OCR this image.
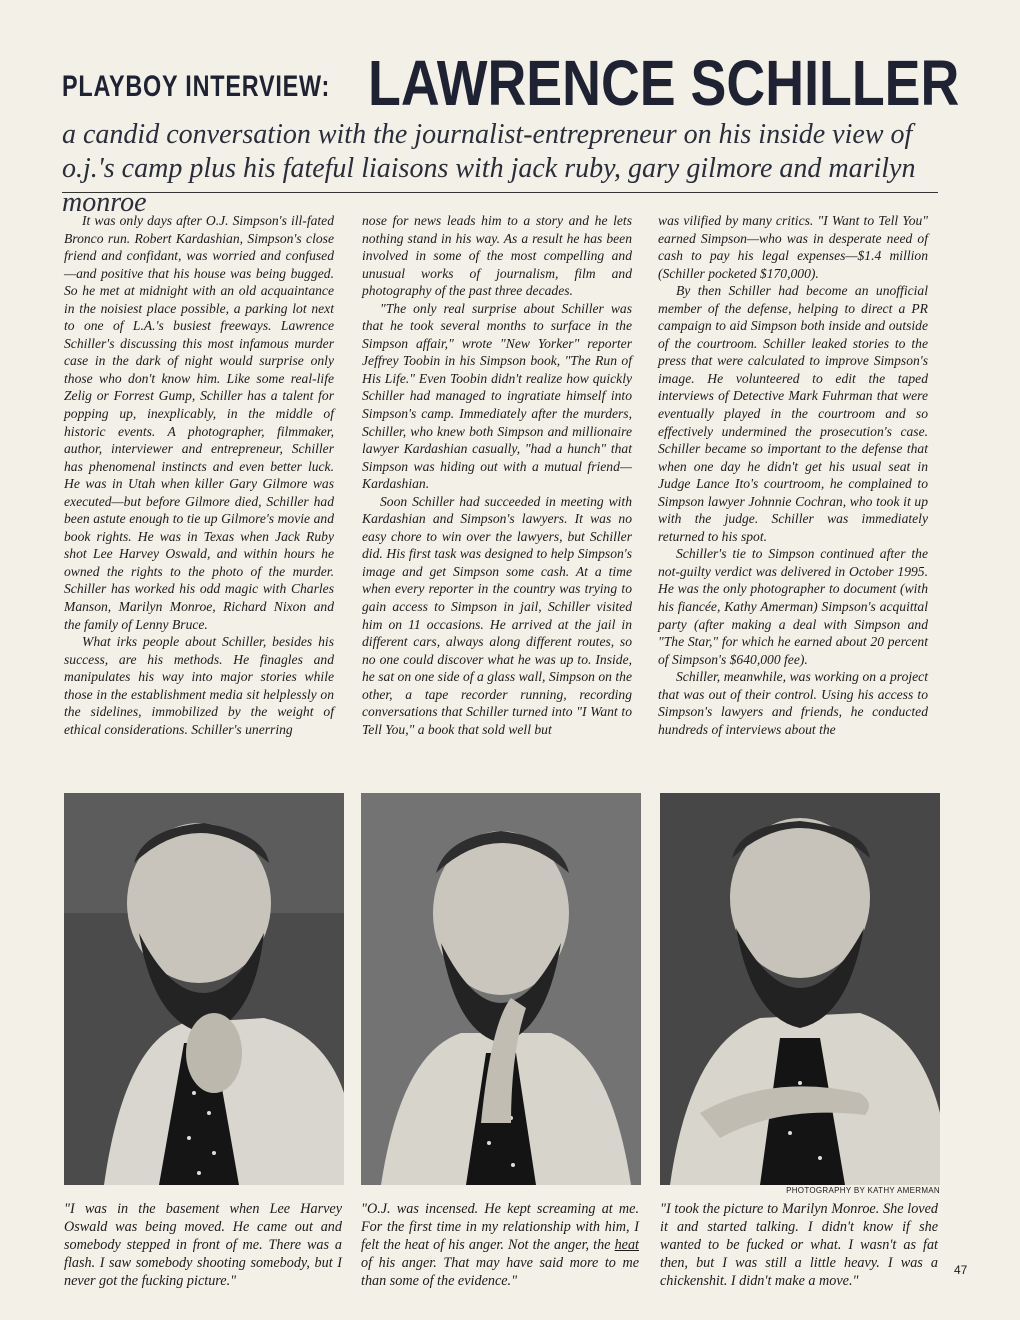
PLAYBOY INTERVIEW: LAWRENCE SCHILLER
a candid conversation with the journalist-entrepreneur on his inside view of o.j.'s camp plus his fateful liaisons with jack ruby, gary gilmore and marilyn monroe

It was only days after O.J. Simpson's ill-fated Bronco run. Robert Kardashian, Simpson's close friend and confidant, was worried and confused—and positive that his house was being bugged. So he met at midnight with an old acquaintance in the noisiest place possible, a parking lot next to one of L.A.'s busiest freeways. Lawrence Schiller's discussing this most infamous murder case in the dark of night would surprise only those who don't know him. Like some real-life Zelig or Forrest Gump, Schiller has a talent for popping up, inexplicably, in the middle of historic events. A photographer, filmmaker, author, interviewer and entrepreneur, Schiller has phenomenal instincts and even better luck. He was in Utah when killer Gary Gilmore was executed—but before Gilmore died, Schiller had been astute enough to tie up Gilmore's movie and book rights. He was in Texas when Jack Ruby shot Lee Harvey Oswald, and within hours he owned the rights to the photo of the murder. Schiller has worked his odd magic with Charles Manson, Marilyn Monroe, Richard Nixon and the family of Lenny Bruce.

What irks people about Schiller, besides his success, are his methods. He finagles and manipulates his way into major stories while those in the establishment media sit helplessly on the sidelines, immobilized by the weight of ethical considerations. Schiller's unerring

nose for news leads him to a story and he lets nothing stand in his way. As a result he has been involved in some of the most compelling and unusual works of journalism, film and photography of the past three decades.

"The only real surprise about Schiller was that he took several months to surface in the Simpson affair," wrote "New Yorker" reporter Jeffrey Toobin in his Simpson book, "The Run of His Life." Even Toobin didn't realize how quickly Schiller had managed to ingratiate himself into Simpson's camp. Immediately after the murders, Schiller, who knew both Simpson and millionaire lawyer Kardashian casually, "had a hunch" that Simpson was hiding out with a mutual friend—Kardashian.

Soon Schiller had succeeded in meeting with Kardashian and Simpson's lawyers. It was no easy chore to win over the lawyers, but Schiller did. His first task was designed to help Simpson's image and get Simpson some cash. At a time when every reporter in the country was trying to gain access to Simpson in jail, Schiller visited him on 11 occasions. He arrived at the jail in different cars, always along different routes, so no one could discover what he was up to. Inside, he sat on one side of a glass wall, Simpson on the other, a tape recorder running, recording conversations that Schiller turned into "I Want to Tell You," a book that sold well but

was vilified by many critics. "I Want to Tell You" earned Simpson—who was in desperate need of cash to pay his legal expenses—$1.4 million (Schiller pocketed $170,000).

By then Schiller had become an unofficial member of the defense, helping to direct a PR campaign to aid Simpson both inside and outside of the courtroom. Schiller leaked stories to the press that were calculated to improve Simpson's image. He volunteered to edit the taped interviews of Detective Mark Fuhrman that were eventually played in the courtroom and so effectively undermined the prosecution's case. Schiller became so important to the defense that when one day he didn't get his usual seat in Judge Lance Ito's courtroom, he complained to Simpson lawyer Johnnie Cochran, who took it up with the judge. Schiller was immediately returned to his spot.

Schiller's tie to Simpson continued after the not-guilty verdict was delivered in October 1995. He was the only photographer to document (with his fiancée, Kathy Amerman) Simpson's acquittal party (after making a deal with Simpson and "The Star," for which he earned about 20 percent of Simpson's $640,000 fee).

Schiller, meanwhile, was working on a project that was out of their control. Using his access to Simpson's lawyers and friends, he conducted hundreds of interviews about the

PHOTOGRAPHY BY KATHY AMERMAN
"I was in the basement when Lee Harvey Oswald was being moved. He came out and somebody stepped in front of me. There was a flash. I saw somebody shooting somebody, but I never got the fucking picture."
"O.J. was incensed. He kept screaming at me. For the first time in my relationship with him, I felt the heat of his anger. Not the anger, the heat of his anger. That may have said more to me than some of the evidence."
"I took the picture to Marilyn Monroe. She loved it and started talking. I didn't know if she wanted to be fucked or what. I wasn't as fat then, but I was still a little heavy. I was a chickenshit. I didn't make a move."
47
